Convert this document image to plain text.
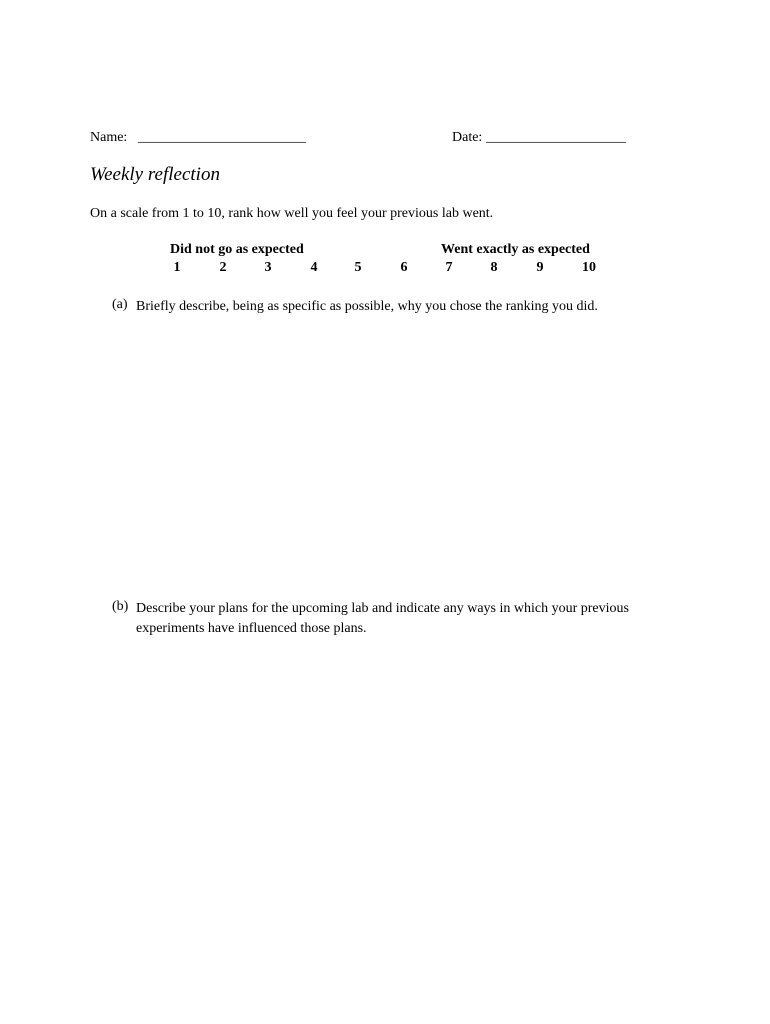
Name: ________________________	Date: ____________________
Weekly reflection
On a scale from 1 to 10, rank how well you feel your previous lab went.
Did not go as expected	Went exactly as expected
1	2	3	4	5	6	7	8	9	10
(a) Briefly describe, being as specific as possible, why you chose the ranking you did.
(b) Describe your plans for the upcoming lab and indicate any ways in which your previous
experiments have influenced those plans.
